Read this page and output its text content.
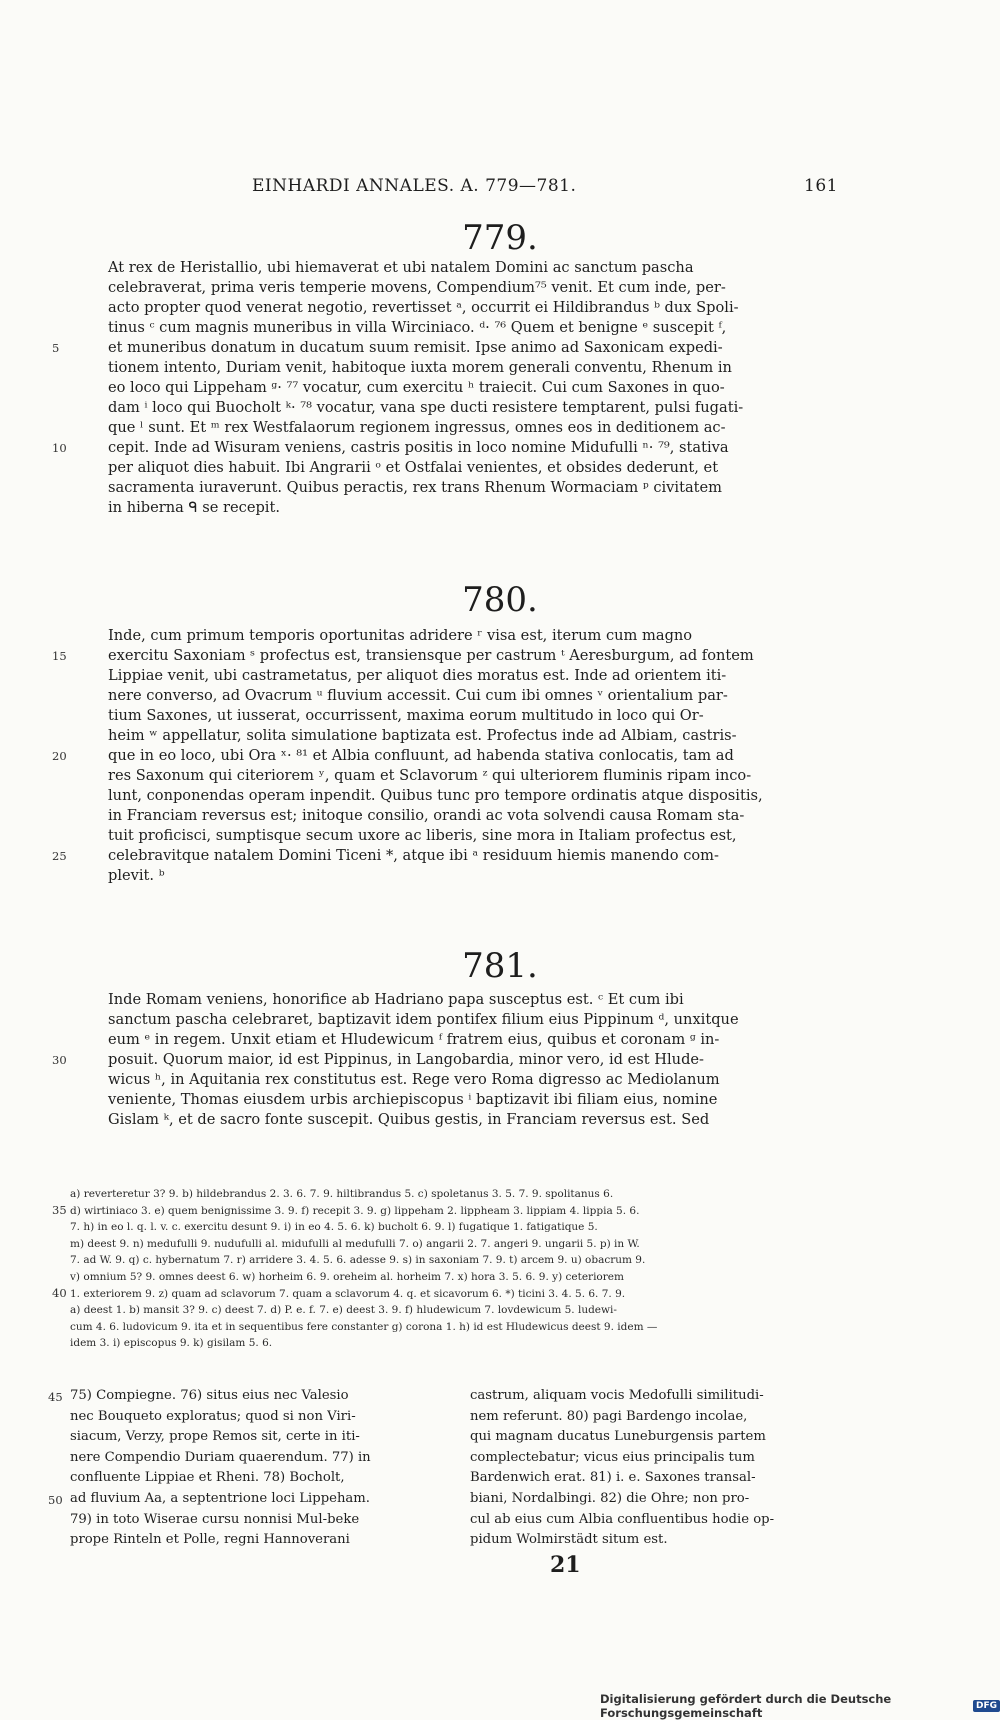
EINHARDI ANNALES. A. 779—781.	161
779.
At rex de Heristallio, ubi hiemaverat et ubi natalem Domini ac sanctum pascha
celebraverat, prima veris temperie movens, Compendium⁷⁵ venit. Et cum inde, per-
acto propter quod venerat negotio, revertisset ᵃ, occurrit ei Hildibrandus ᵇ dux Spoli-
tinus ᶜ cum magnis muneribus in villa Wirciniaco. ᵈ· ⁷⁶ Quem et benigne ᵉ suscepit ᶠ,
et muneribus donatum in ducatum suum remisit. Ipse animo ad Saxonicam expedi-
tionem intento, Duriam venit, habitoque iuxta morem generali conventu, Rhenum in
eo loco qui Lippeham ᵍ· ⁷⁷ vocatur, cum exercitu ʰ traiecit. Cui cum Saxones in quo-
dam ⁱ loco qui Buocholt ᵏ· ⁷⁸ vocatur, vana spe ducti resistere temptarent, pulsi fugati-
que ˡ sunt. Et ᵐ rex Westfalaorum regionem ingressus, omnes eos in deditionem ac-
cepit. Inde ad Wisuram veniens, castris positis in loco nomine Midufulli ⁿ· ⁷⁹, stativa
per aliquot dies habuit. Ibi Angrarii ᵒ et Ostfalai venientes, et obsides dederunt, et
sacramenta iuraverunt. Quibus peractis, rex trans Rhenum Wormaciam ᵖ civitatem
in hiberna ᑫ se recepit.
5
10
780.
Inde, cum primum temporis oportunitas adridere ʳ visa est, iterum cum magno
exercitu Saxoniam ˢ profectus est, transiensque per castrum ᵗ Aeresburgum, ad fontem
Lippiae venit, ubi castrametatus, per aliquot dies moratus est. Inde ad orientem iti-
nere converso, ad Ovacrum ᵘ fluvium accessit. Cui cum ibi omnes ᵛ orientalium par-
tium Saxones, ut iusserat, occurrissent, maxima eorum multitudo in loco qui Or-
heim ʷ appellatur, solita simulatione baptizata est. Profectus inde ad Albiam, castris-
que in eo loco, ubi Ora ˣ· ⁸¹ et Albia confluunt, ad habenda stativa conlocatis, tam ad
res Saxonum qui citeriorem ʸ, quam et Sclavorum ᶻ qui ulteriorem fluminis ripam inco-
lunt, conponendas operam inpendit. Quibus tunc pro tempore ordinatis atque dispositis,
in Franciam reversus est; initoque consilio, orandi ac vota solvendi causa Romam sta-
tuit proficisci, sumptisque secum uxore ac liberis, sine mora in Italiam profectus est,
celebravitque natalem Domini Ticeni *, atque ibi ᵃ residuum hiemis manendo com-
plevit. ᵇ
15
20
25
781.
Inde Romam veniens, honorifice ab Hadriano papa susceptus est. ᶜ Et cum ibi
sanctum pascha celebraret, baptizavit idem pontifex filium eius Pippinum ᵈ, unxitque
eum ᵉ in regem. Unxit etiam et Hludewicum ᶠ fratrem eius, quibus et coronam ᵍ in-
posuit. Quorum maior, id est Pippinus, in Langobardia, minor vero, id est Hlude-
wicus ʰ, in Aquitania rex constitutus est. Rege vero Roma digresso ac Mediolanum
veniente, Thomas eiusdem urbis archiepiscopus ⁱ baptizavit ibi filiam eius, nomine
Gislam ᵏ, et de sacro fonte suscepit. Quibus gestis, in Franciam reversus est. Sed
30
a) reverteretur 3? 9. b) hildebrandus 2. 3. 6. 7. 9. hiltibrandus 5. c) spoletanus 3. 5. 7. 9. spolitanus 6.
d) wirtiniaco 3. e) quem benignissime 3. 9. f) recepit 3. 9. g) lippeham 2. lippheam 3. lippiam 4. lippia 5. 6.
7. h) in eo l. q. l. v. c. exercitu desunt 9. i) in eo 4. 5. 6. k) bucholt 6. 9. l) fugatique 1. fatigatique 5.
m) deest 9. n) medufulli 9. nudufulli al. midufulli al medufulli 7. o) angarii 2. 7. angeri 9. ungarii 5. p) in W.
7. ad W. 9. q) c. hybernatum 7. r) arridere 3. 4. 5. 6. adesse 9. s) in saxoniam 7. 9. t) arcem 9. u) obacrum 9.
v) omnium 5? 9. omnes deest 6. w) horheim 6. 9. oreheim al. horheim 7. x) hora 3. 5. 6. 9. y) ceteriorem
1. exteriorem 9. z) quam ad sclavorum 7. quam a sclavorum 4. q. et sicavorum 6. *) ticini 3. 4. 5. 6. 7. 9.
a) deest 1. b) mansit 3? 9. c) deest 7. d) P. e. f. 7. e) deest 3. 9. f) hludewicum 7. lovdewicum 5. ludewi-
cum 4. 6. ludovicum 9. ita et in sequentibus fere constanter g) corona 1. h) id est Hludewicus deest 9. idem —
idem 3. i) episcopus 9. k) gisilam 5. 6.
35
40
75) Compiegne. 76) situs eius nec Valesio
nec Bouqueto exploratus; quod si non Viri-
siacum, Verzy, prope Remos sit, certe in iti-
nere Compendio Duriam quaerendum. 77) in
confluente Lippiae et Rheni. 78) Bocholt,
ad fluvium Aa, a septentrione loci Lippeham.
79) in toto Wiserae cursu nonnisi Mul-beke
prope Rinteln et Polle, regni Hannoverani
castrum, aliquam vocis Medofulli similitudi-
nem referunt. 80) pagi Bardengo incolae,
qui magnam ducatus Luneburgensis partem
complectebatur; vicus eius principalis tum
Bardenwich erat. 81) i. e. Saxones transal-
biani, Nordalbingi. 82) die Ohre; non pro-
cul ab eius cum Albia confluentibus hodie op-
pidum Wolmirstädt situm est.
45
50
21
Digitalisierung gefördert durch die Deutsche Forschungsgemeinschaft	DFG
